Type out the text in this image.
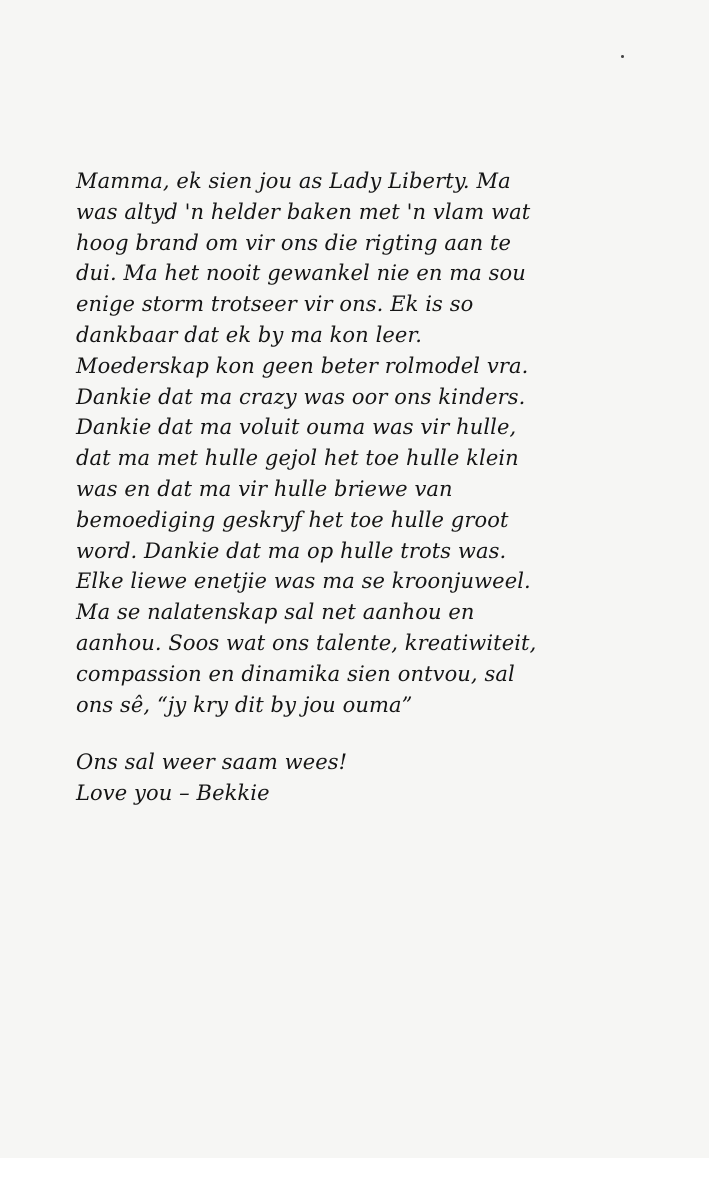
Mamma, ek sien jou as Lady Liberty. Ma
was altyd 'n helder baken met 'n vlam wat
hoog brand om vir ons die rigting aan te
dui. Ma het nooit gewankel nie en ma sou
enige storm trotseer vir ons. Ek is so
dankbaar dat ek by ma kon leer.
Moederskap kon geen beter rolmodel vra.
Dankie dat ma crazy was oor ons kinders.
Dankie dat ma voluit ouma was vir hulle,
dat ma met hulle gejol het toe hulle klein
was en dat ma vir hulle briewe van
bemoediging geskryf het toe hulle groot
word. Dankie dat ma op hulle trots was.
Elke liewe enetjie was ma se kroonjuweel.
Ma se nalatenskap sal net aanhou en
aanhou. Soos wat ons talente, kreatiwiteit,
compassion en dinamika sien ontvou, sal
ons sê, “jy kry dit by jou ouma”
Ons sal weer saam wees!
Love you – Bekkie
